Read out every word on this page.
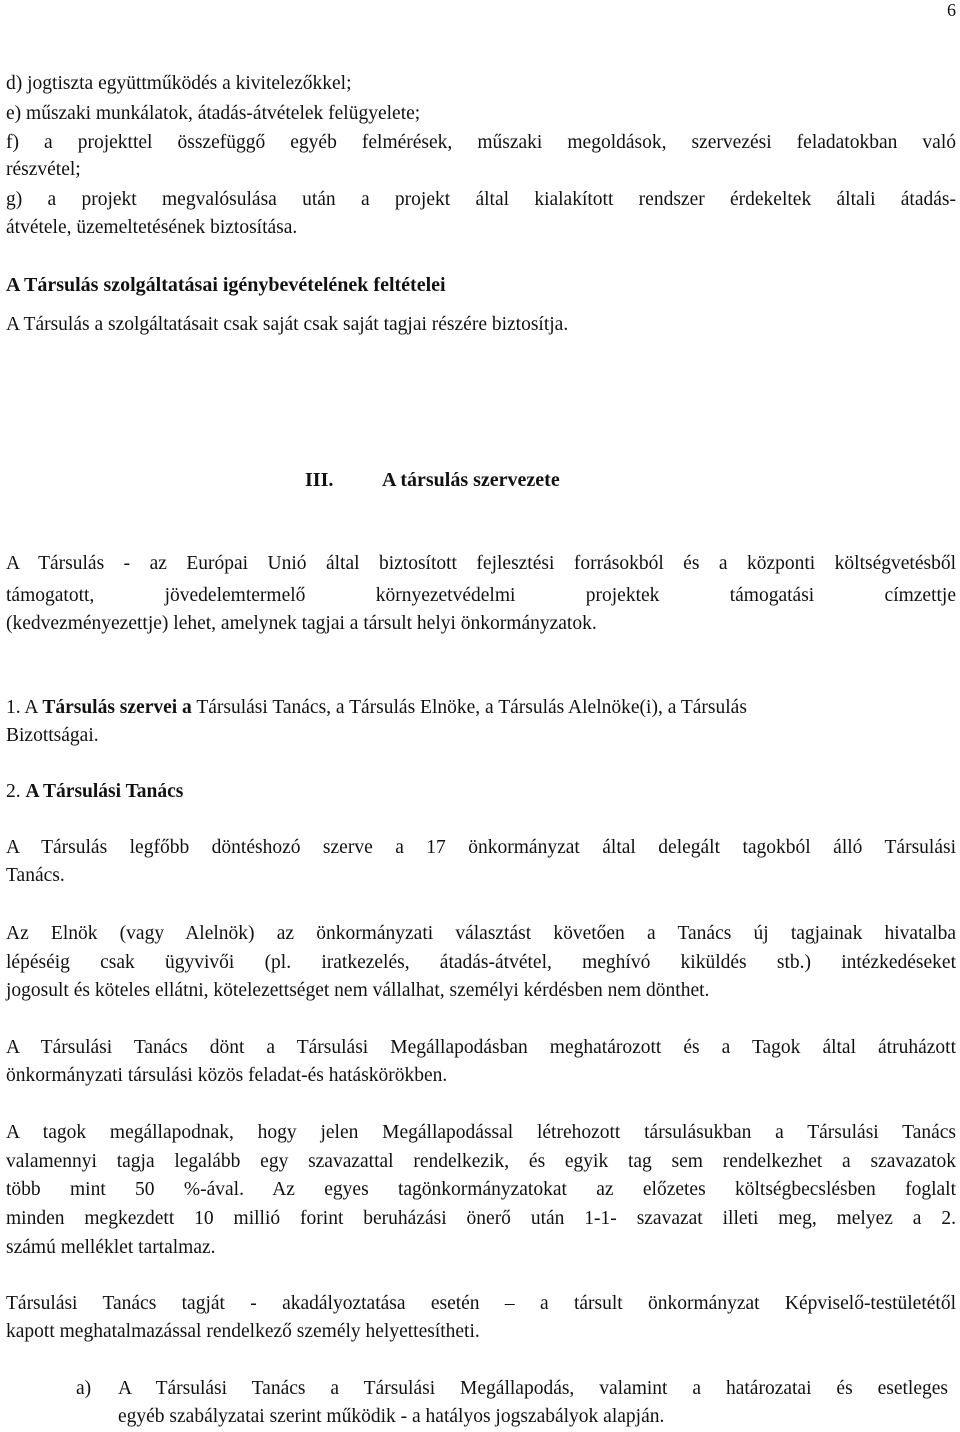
6
d) jogtiszta együttműködés a kivitelezőkkel;
e) műszaki munkálatok, átadás-átvételek felügyelete;
f) a projekttel összefüggő egyéb felmérések, műszaki megoldások, szervezési feladatokban való
részvétel;
g) a projekt megvalósulása után a projekt által kialakított rendszer érdekeltek általi átadás-
átvétele, üzemeltetésének biztosítása.
A Társulás szolgáltatásai igénybevételének feltételei
A Társulás a szolgáltatásait csak saját csak saját tagjai részére biztosítja.
III. A társulás szervezete
A Társulás - az Európai Unió által biztosított fejlesztési forrásokból és a központi költségvetésből
támogatott, jövedelemtermelő környezetvédelmi projektek támogatási címzettje
(kedvezményezettje) lehet, amelynek tagjai a társult helyi önkormányzatok.
1. A Társulás szervei a Társulási Tanács, a Társulás Elnöke, a Társulás Alelnöke(i), a Társulás
Bizottságai.
2. A Társulási Tanács
A Társulás legfőbb döntéshozó szerve a 17 önkormányzat által delegált tagokból álló Társulási
Tanács.
Az Elnök (vagy Alelnök) az önkormányzati választást követően a Tanács új tagjainak hivatalba
lépéséig csak ügyvivői (pl. iratkezelés, átadás-átvétel, meghívó kiküldés stb.) intézkedéseket
jogosult és köteles ellátni, kötelezettséget nem vállalhat, személyi kérdésben nem dönthet.
A Társulási Tanács dönt a Társulási Megállapodásban meghatározott és a Tagok által átruházott
önkormányzati társulási közös feladat-és hatáskörökben.
A tagok megállapodnak, hogy jelen Megállapodással létrehozott társulásukban a Társulási Tanács
valamennyi tagja legalább egy szavazattal rendelkezik, és egyik tag sem rendelkezhet a szavazatok
több mint 50 %-ával. Az egyes tagönkormányzatokat az előzetes költségbecslésben foglalt
minden megkezdett 10 millió forint beruházási önerő után 1-1- szavazat illeti meg, melyez a 2.
számú melléklet tartalmaz.
Társulási Tanács tagját - akadályoztatása esetén – a társult önkormányzat Képviselő-testületétől
kapott meghatalmazással rendelkező személy helyettesítheti.
a) A Társulási Tanács a Társulási Megállapodás, valamint a határozatai és esetleges
egyéb szabályzatai szerint működik - a hatályos jogszabályok alapján.
